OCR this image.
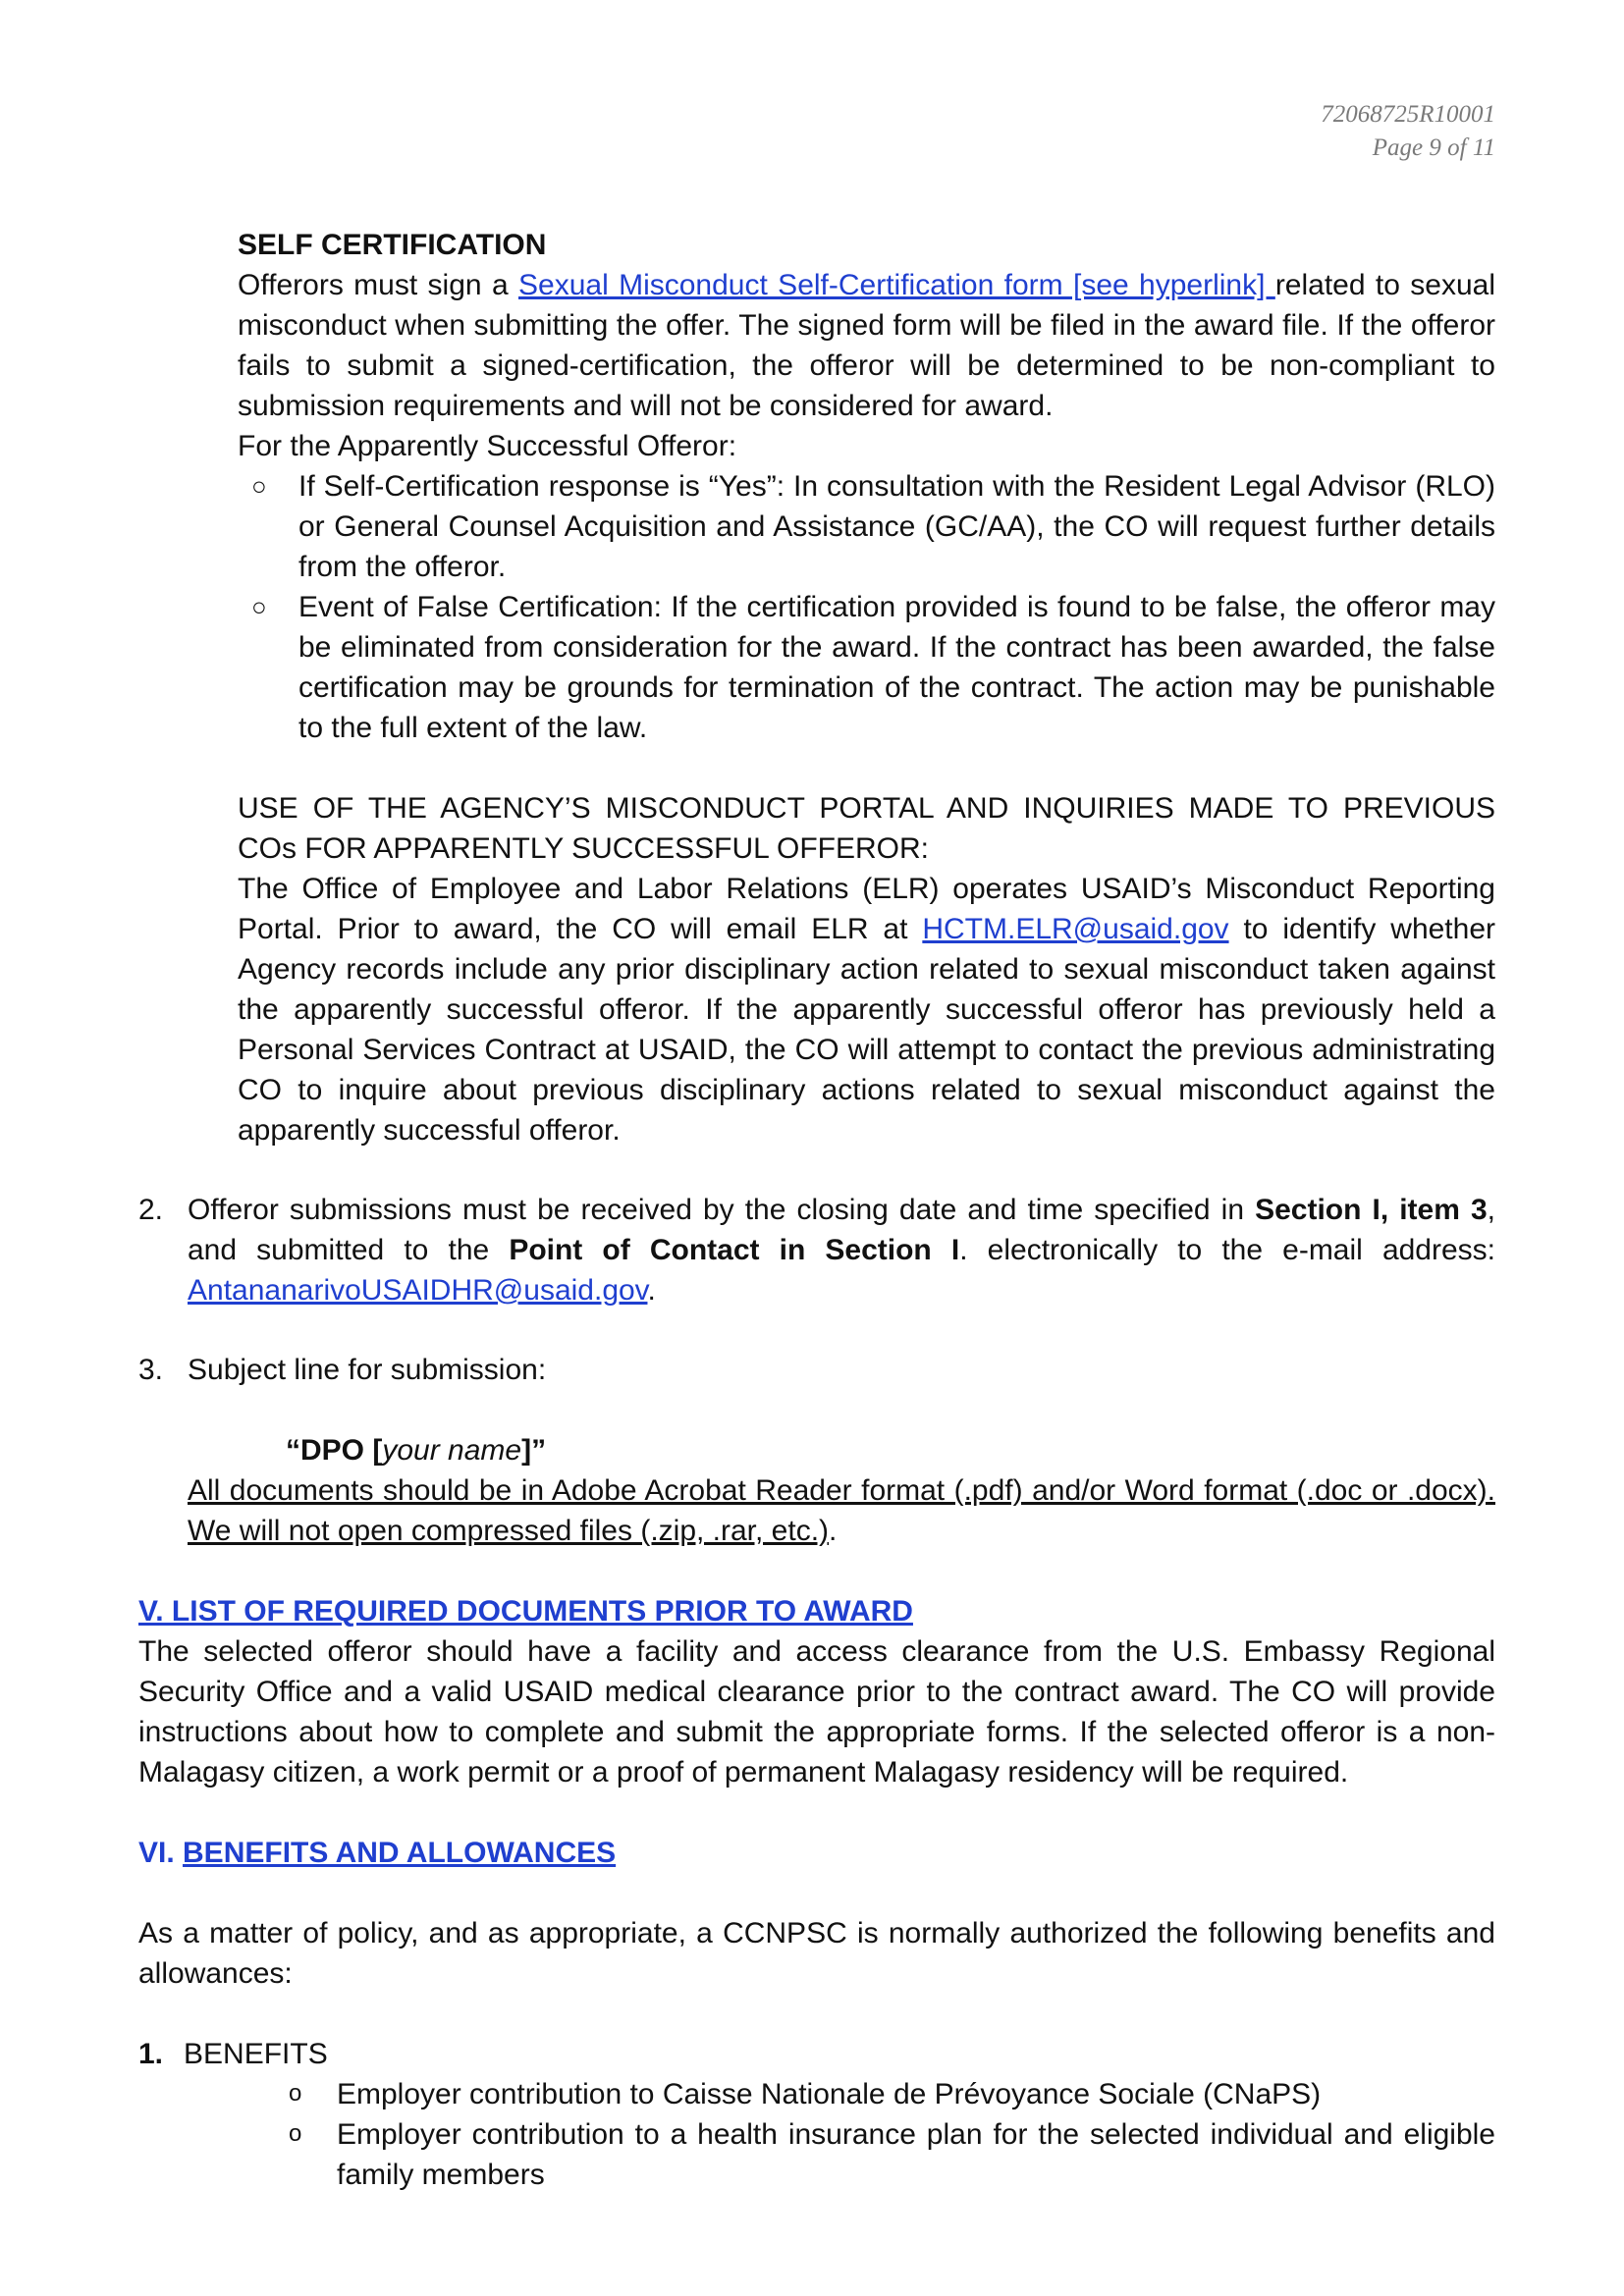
72068725R10001
Page 9 of 11

SELF CERTIFICATION

Offerors must sign a Sexual Misconduct Self-Certification form [see hyperlink] related to sexual misconduct when submitting the offer. The signed form will be filed in the award file. If the offeror fails to submit a signed-certification, the offeror will be determined to be non-compliant to submission requirements and will not be considered for award.

For the Apparently Successful Offeror:

○ If Self-Certification response is “Yes”: In consultation with the Resident Legal Advisor (RLO) or General Counsel Acquisition and Assistance (GC/AA), the CO will request further details from the offeror.
○ Event of False Certification: If the certification provided is found to be false, the offeror may be eliminated from consideration for the award. If the contract has been awarded, the false certification may be grounds for termination of the contract. The action may be punishable to the full extent of the law.

USE OF THE AGENCY’S MISCONDUCT PORTAL AND INQUIRIES MADE TO PREVIOUS COs FOR APPARENTLY SUCCESSFUL OFFEROR:

The Office of Employee and Labor Relations (ELR) operates USAID’s Misconduct Reporting Portal. Prior to award, the CO will email ELR at HCTM.ELR@usaid.gov to identify whether Agency records include any prior disciplinary action related to sexual misconduct taken against the apparently successful offeror. If the apparently successful offeror has previously held a Personal Services Contract at USAID, the CO will attempt to contact the previous administrating CO to inquire about previous disciplinary actions related to sexual misconduct against the apparently successful offeror.

2. Offeror submissions must be received by the closing date and time specified in Section I, item 3, and submitted to the Point of Contact in Section I. electronically to the e-mail address: AntananarivoUSAIDHR@usaid.gov.
3. Subject line for submission:

“DPO [your name]”

All documents should be in Adobe Acrobat Reader format (.pdf) and/or Word format (.doc or .docx). We will not open compressed files (.zip, .rar, etc.).

V. LIST OF REQUIRED DOCUMENTS PRIOR TO AWARD

The selected offeror should have a facility and access clearance from the U.S. Embassy Regional Security Office and a valid USAID medical clearance prior to the contract award. The CO will provide instructions about how to complete and submit the appropriate forms. If the selected offeror is a non-Malagasy citizen, a work permit or a proof of permanent Malagasy residency will be required.

VI. BENEFITS AND ALLOWANCES

As a matter of policy, and as appropriate, a CCNPSC is normally authorized the following benefits and allowances:

1. BENEFITS

o Employer contribution to Caisse Nationale de Prévoyance Sociale (CNaPS)
o Employer contribution to a health insurance plan for the selected individual and eligible family members
